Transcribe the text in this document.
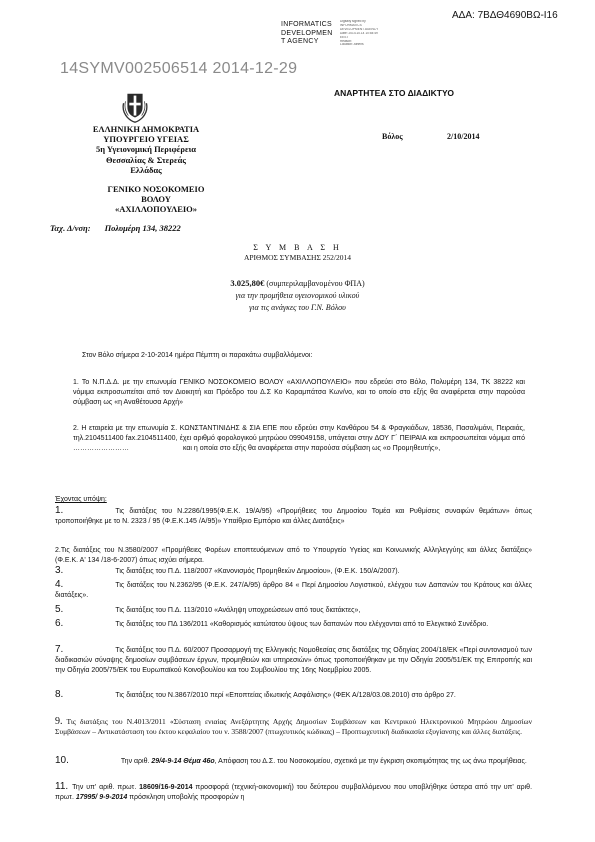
ΑΔΑ: 7ΒΔΘ4690ΒΩ-Ι16
INFORMATICS
DEVELOPMEN
T AGENCY
Digitally signed by
INFORMATICS
DEVELOPMENT AGENCY
Date: 2014.10.14 10:54:49
EEST
Reason:
Location: Athens
14SYMV002506514 2014-12-29
ΑΝΑΡΤΗΤΕΑ ΣΤΟ ΔΙΑΔΙΚΤΥΟ
ΕΛΛΗΝΙΚΗ ΔΗΜΟΚΡΑΤΙΑ
ΥΠΟΥΡΓΕΙΟ ΥΓΕΙΑΣ
5η Υγειονομική Περιφέρεια
Θεσσαλίας & Στερεάς Ελλάδας
Βόλος	2/10/2014
ΓΕΝΙΚΟ ΝΟΣΟΚΟΜΕΙΟ ΒΟΛΟΥ
«ΑΧΙΛΛΟΠΟΥΛΕΙΟ»
Ταχ. Δ/νση: Πολυμέρη 134, 38222
Σ Υ Μ Β Α Σ Η
ΑΡΙΘΜΟΣ ΣΥΜΒΑΣΗΣ 252/2014
3.025,80€ (συμπεριλαμβανομένου ΦΠΑ)
για την προμήθεια υγειονομικού υλικού
για τις ανάγκες του Γ.Ν. Βόλου
Στον Βόλο σήμερα 2-10-2014 ημέρα Πέμπτη οι παρακάτω συμβαλλόμενοι:
1. Το Ν.Π.Δ.Δ. με την επωνυμία ΓΕΝΙΚΟ ΝΟΣΟΚΟΜΕΙΟ ΒΟΛΟΥ «ΑΧΙΛΛΟΠΟΥΛΕΙΟ» που εδρεύει στο Βόλο, Πολυμέρη 134, ΤΚ 38222 και νόμιμα εκπροσωπείται από τον Διοικητή και Πρόεδρο του Δ.Σ Κο Καραμπάτσα Κων/νο, και το οποίο στο εξής θα αναφέρεται στην παρούσα σύμβαση ως «η Αναθέτουσα Αρχή»
2. Η εταιρεία με την επωνυμία Σ. ΚΩΝΣΤΑΝΤΙΝΙΔΗΣ & ΣΙΑ ΕΠΕ που εδρεύει στην Κανθάρου 54 & Φραγκιάδων, 18536, Πασαλιμάνι, Πειραιάς, τηλ.2104511400 fax.2104511400, έχει αριθμό φορολογικού μητρώου 099049158, υπάγεται στην ΔΟΥ Γ΄ ΠΕΙΡΑΙΑ και εκπροσωπείται νόμιμα από ……………………	και η οποία στο εξής θα αναφέρεται στην παρούσα σύμβαση ως «ο Προμηθευτής»,
Έχοντας υπόψη:
1.	Τις διατάξεις του Ν.2286/1995(Φ.Ε.Κ. 19/Α/95) «Προμήθειες του Δημοσίου Τομέα και Ρυθμίσεις συναφών θεμάτων» όπως τροποποιήθηκε με το Ν. 2323 / 95 (Φ.Ε.Κ.145 /Α/95)» Υπαίθριο Εμπόριο και άλλες Διατάξεις»
2.Τις διατάξεις του Ν.3580/2007 «Προμήθειες Φορέων εποπτευόμενων από το Υπουργείο Υγείας και Κοινωνικής Αλληλεγγύης και άλλες διατάξεις» (Φ.Ε.Κ. Α' 134 /18-6-2007) όπως ισχύει σήμερα.
3.	Τις διατάξεις του Π.Δ. 118/2007 «Κανονισμός Προμηθειών Δημοσίου», (Φ.Ε.Κ. 150/Α/2007).
4.	Τις διατάξεις του Ν.2362/95 (Φ.Ε.Κ. 247/Α/95) άρθρο 84 « Περί Δημοσίου Λογιστικού, ελέγχου των Δαπανών του Κράτους και άλλες διατάξεις».
5.	Τις διατάξεις του Π.Δ. 113/2010 «Ανάληψη υποχρεώσεων από τους διατάκτες»,
6.	Τις διατάξεις του ΠΔ 136/2011 «Καθορισμός κατώτατου ύψους των δαπανών που ελέγχονται από το Ελεγκτικό Συνέδριο.
7.	Τις διατάξεις του Π.Δ. 60/2007 Προσαρμογή της Ελληνικής Νομοθεσίας στις διατάξεις της Οδηγίας 2004/18/ΕΚ «Περί συντονισμού των διαδικασιών σύναψης δημοσίων συμβάσεων έργων, προμηθειών και υπηρεσιών» όπως τροποποιήθηκαν με την Οδηγία 2005/51/ΕΚ της Επιτροπής και την Οδηγία 2005/75/ΕΚ του Ευρωπαϊκού Κοινοβουλίου και του Συμβουλίου της 16ης Νοεμβρίου 2005.
8.	Τις διατάξεις του Ν.3867/2010 περί «Εποπτείας ιδιωτικής Ασφάλισης» (ΦΕΚ Α/128/03.08.2010) στο άρθρο 27.
9. Τις διατάξεις του Ν.4013/2011 «Σύσταση ενιαίας Ανεξάρτητης Αρχής Δημοσίων Συμβάσεων και Κεντρικού Ηλεκτρονικού Μητρώου Δημοσίων Συμβάσεων – Αντικατάσταση του έκτου κεφαλαίου του ν. 3588/2007 (πτωχευτικός κώδικας) – Προπτωχευτική διαδικασία εξυγίανσης και άλλες διατάξεις.
10.	Την αριθ. 29/4-9-14 Θέμα 46ο, Απόφαση του Δ.Σ. του Νοσοκομείου, σχετικά με την έγκριση σκοπιμότητας της ως άνω προμήθειας.
11. Την υπ' αριθ. πρωτ. 18609/16-9-2014 προσφορά (τεχνική-οικονομική) του δεύτερου συμβαλλόμενου που υποβλήθηκε ύστερα από την υπ' αριθ. πρωτ. 17995/ 9-9-2014 πρόσκληση υποβολής προσφορών η
